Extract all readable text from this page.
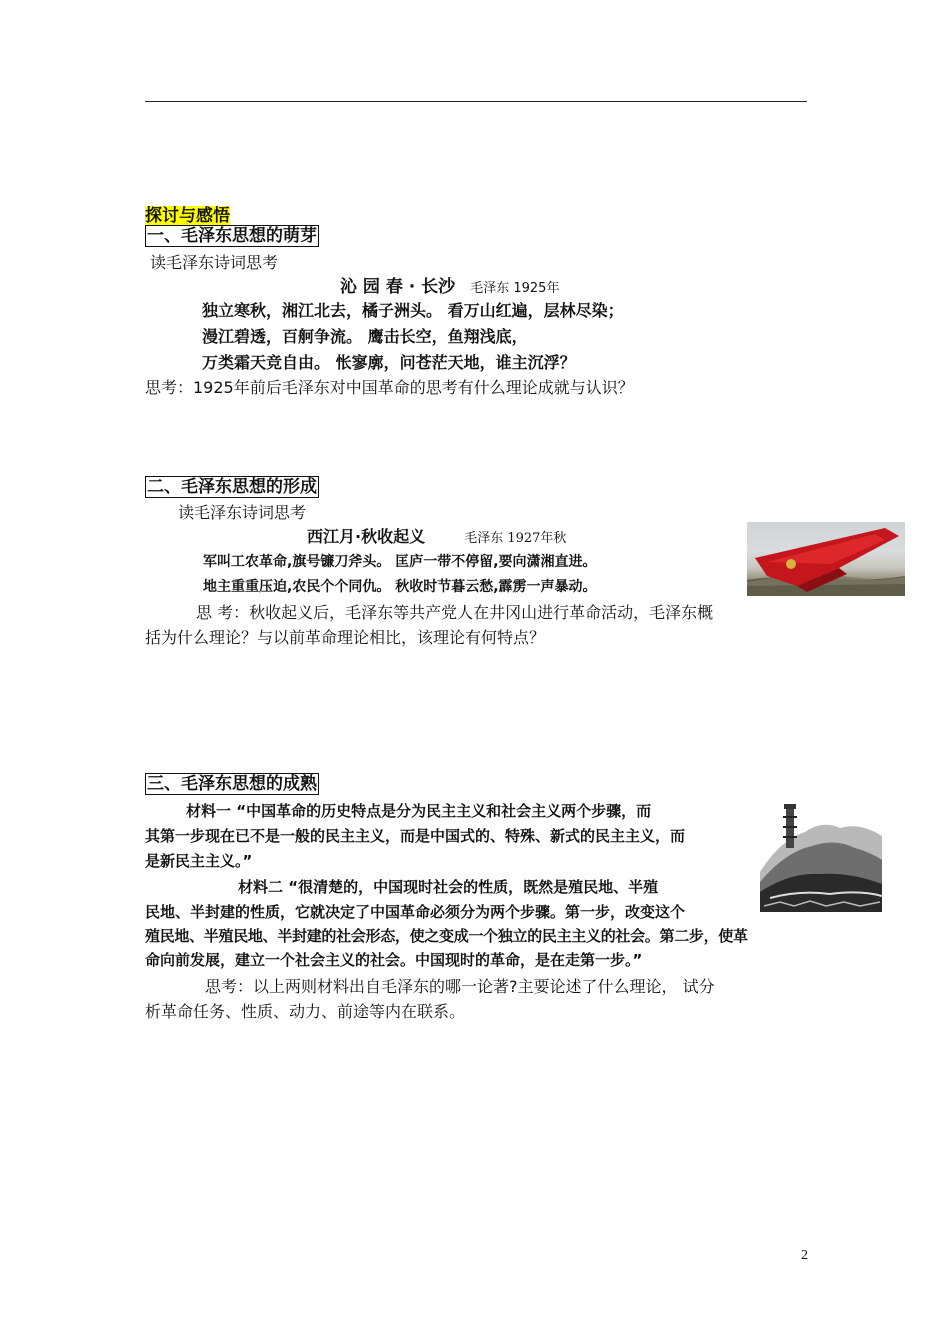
探讨与感悟
一、毛泽东思想的萌芽
读毛泽东诗词思考
沁 园 春 · 长沙 毛泽东 1925年
独立寒秋，湘江北去，橘子洲头。 看万山红遍，层林尽染；
漫江碧透，百舸争流。 鹰击长空，鱼翔浅底，
万类霜天竞自由。 怅寥廓，问苍茫天地，谁主沉浮？
思考：1925年前后毛泽东对中国革命的思考有什么理论成就与认识？
二、毛泽东思想的形成
读毛泽东诗词思考
西江月·秋收起义	毛泽东 1927年秋
军叫工农革命,旗号镰刀斧头。 匡庐一带不停留,要向潇湘直进。
地主重重压迫,农民个个同仇。 秋收时节暮云愁,霹雳一声暴动。
思 考：秋收起义后，毛泽东等共产党人在井冈山进行革命活动，毛泽东概
括为什么理论？与以前革命理论相比，该理论有何特点？
三、毛泽东思想的成熟
材料一 “中国革命的历史特点是分为民主主义和社会主义两个步骤，而
其第一步现在已不是一般的民主主义，而是中国式的、特殊、新式的民主主义，而
是新民主主义。”
材料二 “很清楚的，中国现时社会的性质，既然是殖民地、半殖
民地、半封建的性质，它就决定了中国革命必须分为两个步骤。第一步，改变这个
殖民地、半殖民地、半封建的社会形态，使之变成一个独立的民主主义的社会。第二步，使革
命向前发展，建立一个社会主义的社会。中国现时的革命，是在走第一步。”
思考：以上两则材料出自毛泽东的哪一论著?主要论述了什么理论， 试分
析革命任务、性质、动力、前途等内在联系。
2
